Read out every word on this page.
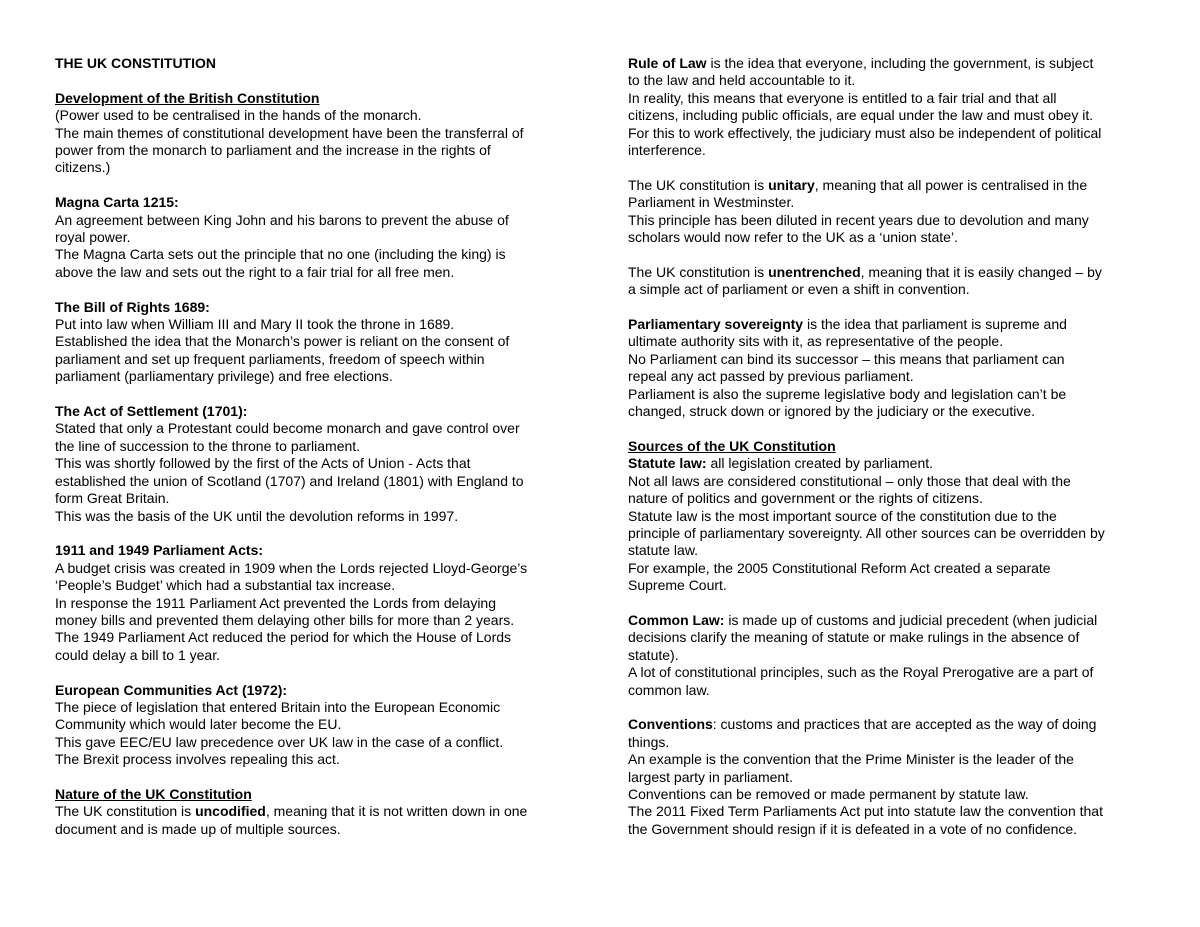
THE UK CONSTITUTION
Development of the British Constitution
(Power used to be centralised in the hands of the monarch.
The main themes of constitutional development have been the transferral of
power from the monarch to parliament and the increase in the rights of
citizens.)
Magna Carta 1215:
An agreement between King John and his barons to prevent the abuse of
royal power.
The Magna Carta sets out the principle that no one (including the king) is
above the law and sets out the right to a fair trial for all free men.
The Bill of Rights 1689:
Put into law when William III and Mary II took the throne in 1689.
Established the idea that the Monarch’s power is reliant on the consent of
parliament and set up frequent parliaments, freedom of speech within
parliament (parliamentary privilege) and free elections.
The Act of Settlement (1701):
Stated that only a Protestant could become monarch and gave control over
the line of succession to the throne to parliament.
This was shortly followed by the first of the Acts of Union - Acts that
established the union of Scotland (1707) and Ireland (1801) with England to
form Great Britain.
This was the basis of the UK until the devolution reforms in 1997.
1911 and 1949 Parliament Acts:
A budget crisis was created in 1909 when the Lords rejected Lloyd-George’s
‘People’s Budget’ which had a substantial tax increase.
In response the 1911 Parliament Act prevented the Lords from delaying
money bills and prevented them delaying other bills for more than 2 years.
The 1949 Parliament Act reduced the period for which the House of Lords
could delay a bill to 1 year.
European Communities Act (1972):
The piece of legislation that entered Britain into the European Economic
Community which would later become the EU.
This gave EEC/EU law precedence over UK law in the case of a conflict.
The Brexit process involves repealing this act.
Nature of the UK Constitution
The UK constitution is uncodified, meaning that it is not written down in one
document and is made up of multiple sources.
Rule of Law is the idea that everyone, including the government, is subject
to the law and held accountable to it.
In reality, this means that everyone is entitled to a fair trial and that all
citizens, including public officials, are equal under the law and must obey it.
For this to work effectively, the judiciary must also be independent of political
interference.
The UK constitution is unitary, meaning that all power is centralised in the
Parliament in Westminster.
This principle has been diluted in recent years due to devolution and many
scholars would now refer to the UK as a ‘union state’.
The UK constitution is unentrenched, meaning that it is easily changed – by
a simple act of parliament or even a shift in convention.
Parliamentary sovereignty is the idea that parliament is supreme and
ultimate authority sits with it, as representative of the people.
No Parliament can bind its successor – this means that parliament can
repeal any act passed by previous parliament.
Parliament is also the supreme legislative body and legislation can’t be
changed, struck down or ignored by the judiciary or the executive.
Sources of the UK Constitution
Statute law: all legislation created by parliament.
Not all laws are considered constitutional – only those that deal with the
nature of politics and government or the rights of citizens.
Statute law is the most important source of the constitution due to the
principle of parliamentary sovereignty. All other sources can be overridden by
statute law.
For example, the 2005 Constitutional Reform Act created a separate
Supreme Court.
Common Law: is made up of customs and judicial precedent (when judicial
decisions clarify the meaning of statute or make rulings in the absence of
statute).
A lot of constitutional principles, such as the Royal Prerogative are a part of
common law.
Conventions: customs and practices that are accepted as the way of doing
things.
An example is the convention that the Prime Minister is the leader of the
largest party in parliament.
Conventions can be removed or made permanent by statute law.
The 2011 Fixed Term Parliaments Act put into statute law the convention that
the Government should resign if it is defeated in a vote of no confidence.
